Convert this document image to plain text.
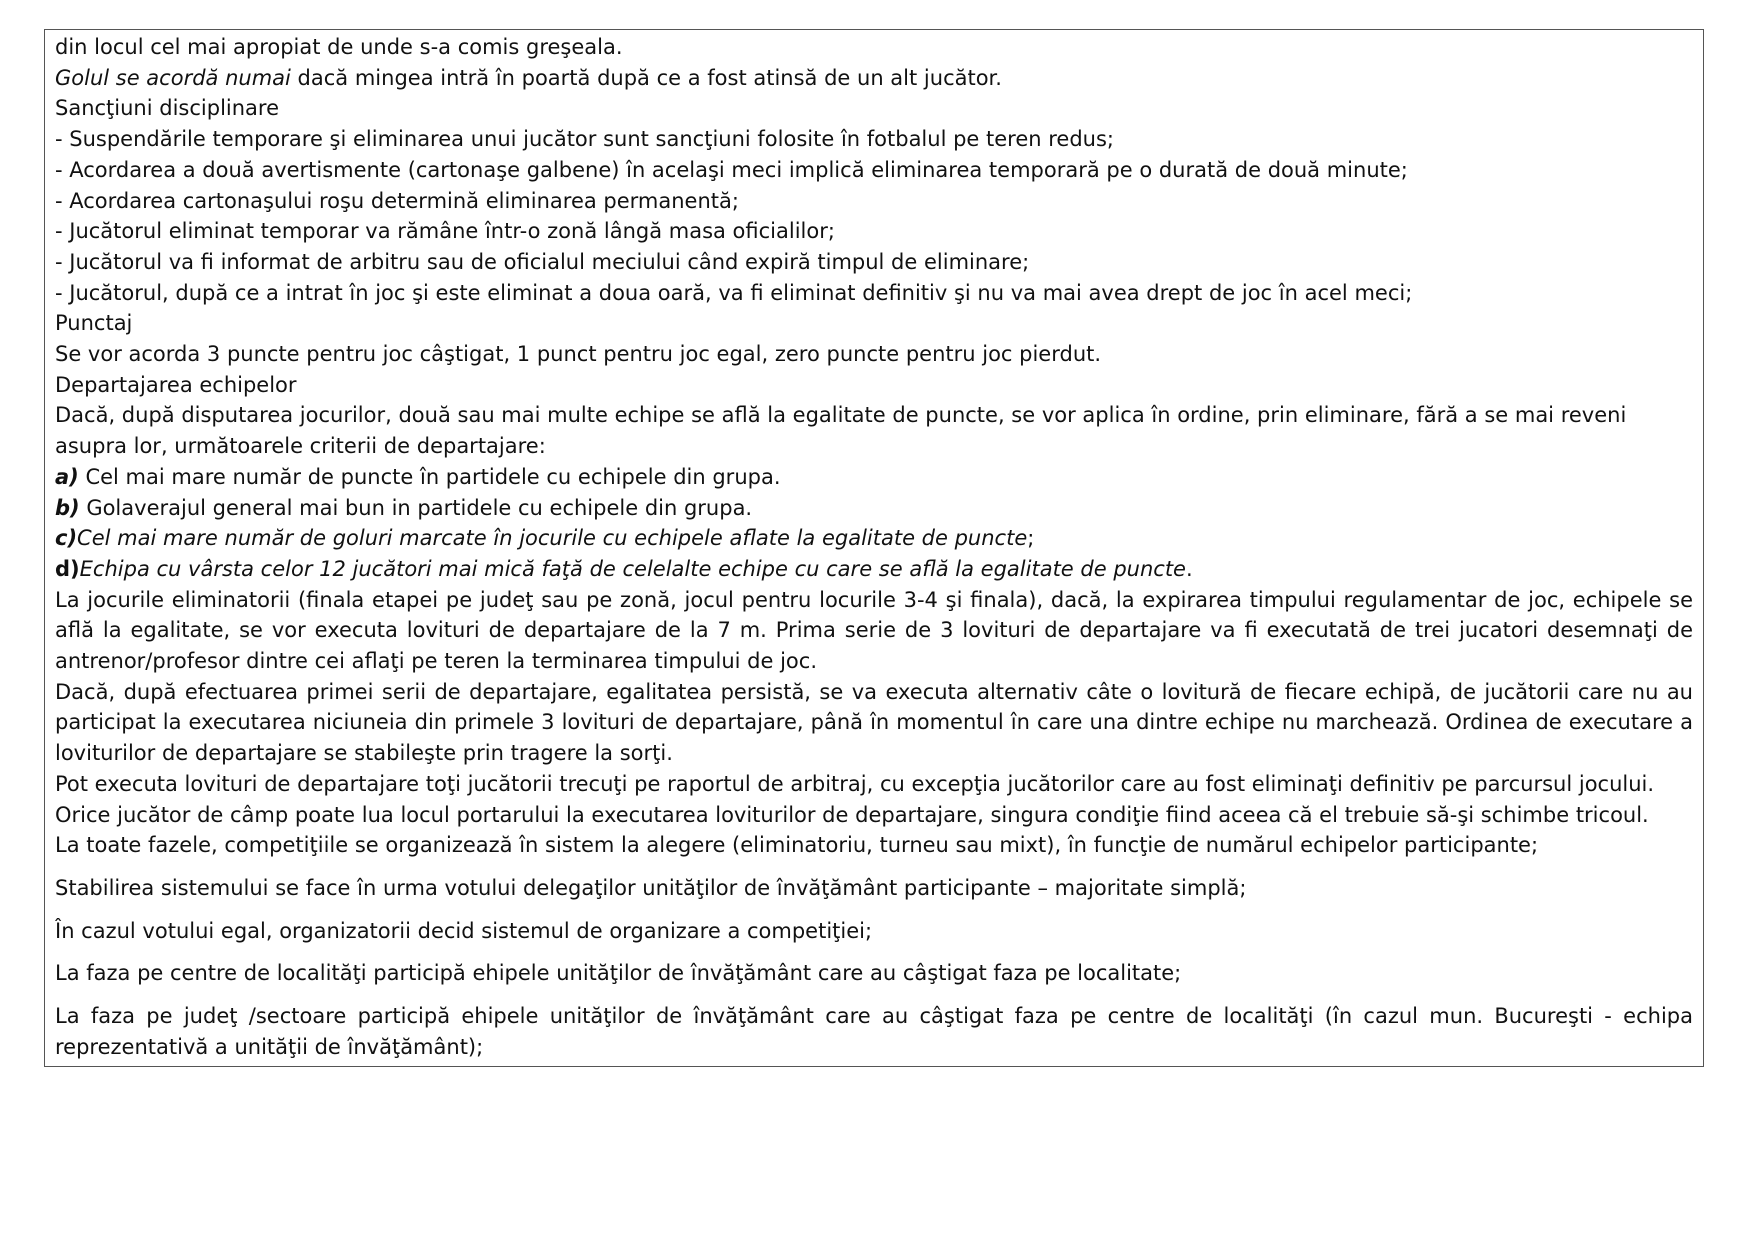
din locul cel mai apropiat de unde s-a comis greşeala.

Golul se acordă numai dacă mingea intră în poartă după ce a fost atinsă de un alt jucător.

Sancţiuni disciplinare

- Suspendările temporare şi eliminarea unui jucător sunt sancţiuni folosite în fotbalul pe teren redus;

- Acordarea a două avertismente (cartonaşe galbene) în acelaşi meci implică eliminarea temporară pe o durată de două minute;

- Acordarea cartonaşului roşu determină eliminarea permanentă;

- Jucătorul eliminat temporar va rămâne într-o zonă lângă masa oficialilor;

- Jucătorul va fi informat de arbitru sau de oficialul meciului când expiră timpul de eliminare;

- Jucătorul, după ce a intrat în joc şi este eliminat a doua oară, va fi eliminat definitiv şi nu va mai avea drept de joc în acel meci;

Punctaj

Se vor acorda 3 puncte pentru joc câştigat, 1 punct pentru joc egal, zero puncte pentru joc pierdut.

Departajarea echipelor

Dacă, după disputarea jocurilor, două sau mai multe echipe se află la egalitate de puncte, se vor aplica în ordine, prin eliminare, fără a se mai reveni asupra lor, următoarele criterii de departajare:

a) Cel mai mare număr de puncte în partidele cu echipele din grupa.

b) Golaverajul general mai bun in partidele cu echipele din grupa.

c)Cel mai mare număr de goluri marcate în jocurile cu echipele aflate la egalitate de puncte;

d)Echipa cu vârsta celor 12 jucători mai mică faţă de celelalte echipe cu care se află la egalitate de puncte.

La jocurile eliminatorii (finala etapei pe judeţ sau pe zonă, jocul pentru locurile 3-4 şi finala), dacă, la expirarea timpului regulamentar de joc, echipele se află la egalitate, se vor executa lovituri de departajare de la 7 m. Prima serie de 3 lovituri de departajare va fi executată de trei jucatori desemnaţi de antrenor/profesor dintre cei aflaţi pe teren la terminarea timpului de joc.

Dacă, după efectuarea primei serii de departajare, egalitatea persistă, se va executa alternativ câte o lovitură de fiecare echipă, de jucătorii care nu au participat la executarea niciuneia din primele 3 lovituri de departajare, până în momentul în care una dintre echipe nu marchează. Ordinea de executare a loviturilor de departajare se stabileşte prin tragere la sorţi.

Pot executa lovituri de departajare toţi jucătorii trecuţi pe raportul de arbitraj, cu excepţia jucătorilor care au fost eliminaţi definitiv pe parcursul jocului.

Orice jucător de câmp poate lua locul portarului la executarea loviturilor de departajare, singura condiţie fiind aceea că el trebuie să-şi schimbe tricoul.

La toate fazele, competiţiile se organizează în sistem la alegere (eliminatoriu, turneu sau mixt), în funcţie de numărul echipelor participante;

Stabilirea sistemului se face în urma votului delegaţilor unităţilor de învăţământ participante – majoritate simplă;

În cazul votului egal, organizatorii decid sistemul de organizare a competiţiei;

La faza pe centre de localităţi participă ehipele unităţilor de învăţământ care au câştigat faza pe localitate;

La faza pe judeţ /sectoare participă ehipele unităţilor de învăţământ care au câştigat faza pe centre de localităţi (în cazul mun. Bucureşti - echipa reprezentativă a unităţii de învăţământ);
